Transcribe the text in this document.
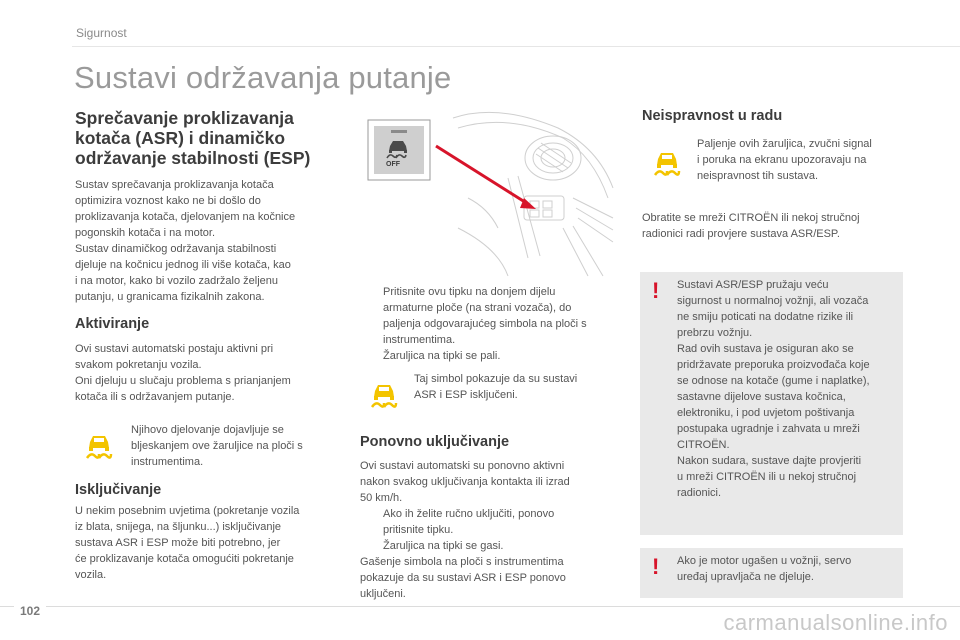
Sigurnost
Sustavi održavanja putanje
Sprečavanje proklizavanja kotača (ASR) i dinamičko održavanje stabilnosti (ESP)

Sustav sprečavanja proklizavanja kotača
optimizira voznost kako ne bi došlo do
proklizavanja kotača, djelovanjem na kočnice
pogonskih kotača i na motor.
Sustav dinamičkog održavanja stabilnosti
djeluje na kočnicu jednog ili više kotača, kao
i na motor, kako bi vozilo zadržalo željenu
putanju, u granicama fizikalnih zakona.

Aktiviranje

Ovi sustavi automatski postaju aktivni pri
svakom pokretanju vozila.
Oni djeluju u slučaju problema s prianjanjem
kotača ili s održavanjem putanje.

Njihovo djelovanje dojavljuje se
bljeskanjem ove žaruljice na ploči s
instrumentima.

Isključivanje

U nekim posebnim uvjetima (pokretanje vozila
iz blata, snijega, na šljunku...) isključivanje
sustava ASR i ESP može biti potrebno, jer
će proklizavanje kotača omogućiti pokretanje
vozila.

OFF

Pritisnite ovu tipku na donjem dijelu
armaturne ploče (na strani vozača), do
paljenja odgovarajućeg simbola na ploči s
instrumentima.
Žaruljica na tipki se pali.

Taj simbol pokazuje da su sustavi
ASR i ESP isključeni.

Ponovno uključivanje

Ovi sustavi automatski su ponovno aktivni
nakon svakog uključivanja kontakta ili izrad
50 km/h.

Ako ih želite ručno uključiti, ponovo
pritisnite tipku.
Žaruljica na tipki se gasi.

Gašenje simbola na ploči s instrumentima
pokazuje da su sustavi ASR i ESP ponovo
uključeni.

Neispravnost u radu

Paljenje ovih žaruljica, zvučni signal
i poruka na ekranu upozoravaju na
neispravnost tih sustava.

Obratite se mreži CITROËN ili nekoj stručnoj
radionici radi provjere sustava ASR/ESP.

! Sustavi ASR/ESP pružaju veću
sigurnost u normalnoj vožnji, ali vozača
ne smiju poticati na dodatne rizike ili
prebrzu vožnju.
Rad ovih sustava je osiguran ako se
pridržavate preporuka proizvođača koje
se odnose na kotače (gume i naplatke),
sastavne dijelove sustava kočnica,
elektroniku, i pod uvjetom poštivanja
postupaka ugradnje i zahvata u mreži
CITROËN.
Nakon sudara, sustave dajte provjeriti
u mreži CITROËN ili u nekoj stručnoj
radionici.

! Ako je motor ugašen u vožnji, servo
uređaj upravljača ne djeluje.

102	carmanualsonline.info
